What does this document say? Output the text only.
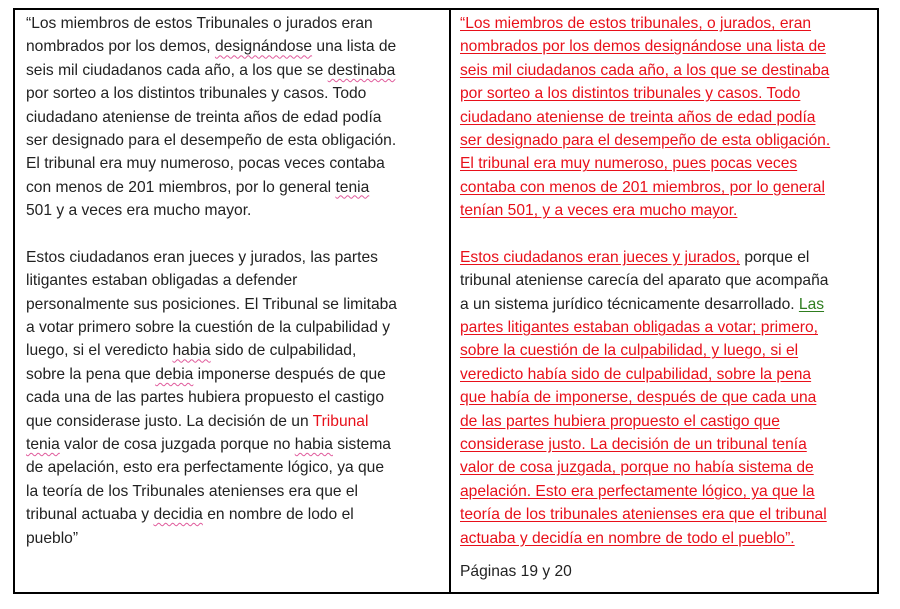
“Los miembros de estos Tribunales o jurados eran
nombrados por los demos, designándose una lista de
seis mil ciudadanos cada año, a los que se destinaba
por sorteo a los distintos tribunales y casos. Todo
ciudadano ateniense de treinta años de edad podía
ser designado para el desempeño de esta obligación.
El tribunal era muy numeroso, pocas veces contaba
con menos de 201 miembros, por lo general tenia
501 y a veces era mucho mayor.
Estos ciudadanos eran jueces y jurados, las partes
litigantes estaban obligadas a defender
personalmente sus posiciones. El Tribunal se limitaba
a votar primero sobre la cuestión de la culpabilidad y
luego, si el veredicto habia sido de culpabilidad,
sobre la pena que debia imponerse después de que
cada una de las partes hubiera propuesto el castigo
que considerase justo. La decisión de un Tribunal
tenia valor de cosa juzgada porque no habia sistema
de apelación, esto era perfectamente lógico, ya que
la teoría de los Tribunales atenienses era que el
tribunal actuaba y decidia en nombre de lodo el
pueblo”
“Los miembros de estos tribunales, o jurados, eran
nombrados por los demos designándose una lista de
seis mil ciudadanos cada año, a los que se destinaba
por sorteo a los distintos tribunales y casos. Todo
ciudadano ateniense de treinta años de edad podía
ser designado para el desempeño de esta obligación.
El tribunal era muy numeroso, pues pocas veces
contaba con menos de 201 miembros, por lo general
tenían 501, y a veces era mucho mayor.
Estos ciudadanos eran jueces y jurados, porque el
tribunal ateniense carecía del aparato que acompaña
a un sistema jurídico técnicamente desarrollado. Las
partes litigantes estaban obligadas a votar; primero,
sobre la cuestión de la culpabilidad, y luego, si el
veredicto había sido de culpabilidad, sobre la pena
que había de imponerse, después de que cada una
de las partes hubiera propuesto el castigo que
considerase justo. La decisión de un tribunal tenía
valor de cosa juzgada, porque no había sistema de
apelación. Esto era perfectamente lógico, ya que la
teoría de los tribunales atenienses era que el tribunal
actuaba y decidía en nombre de todo el pueblo”.
Páginas 19 y 20
